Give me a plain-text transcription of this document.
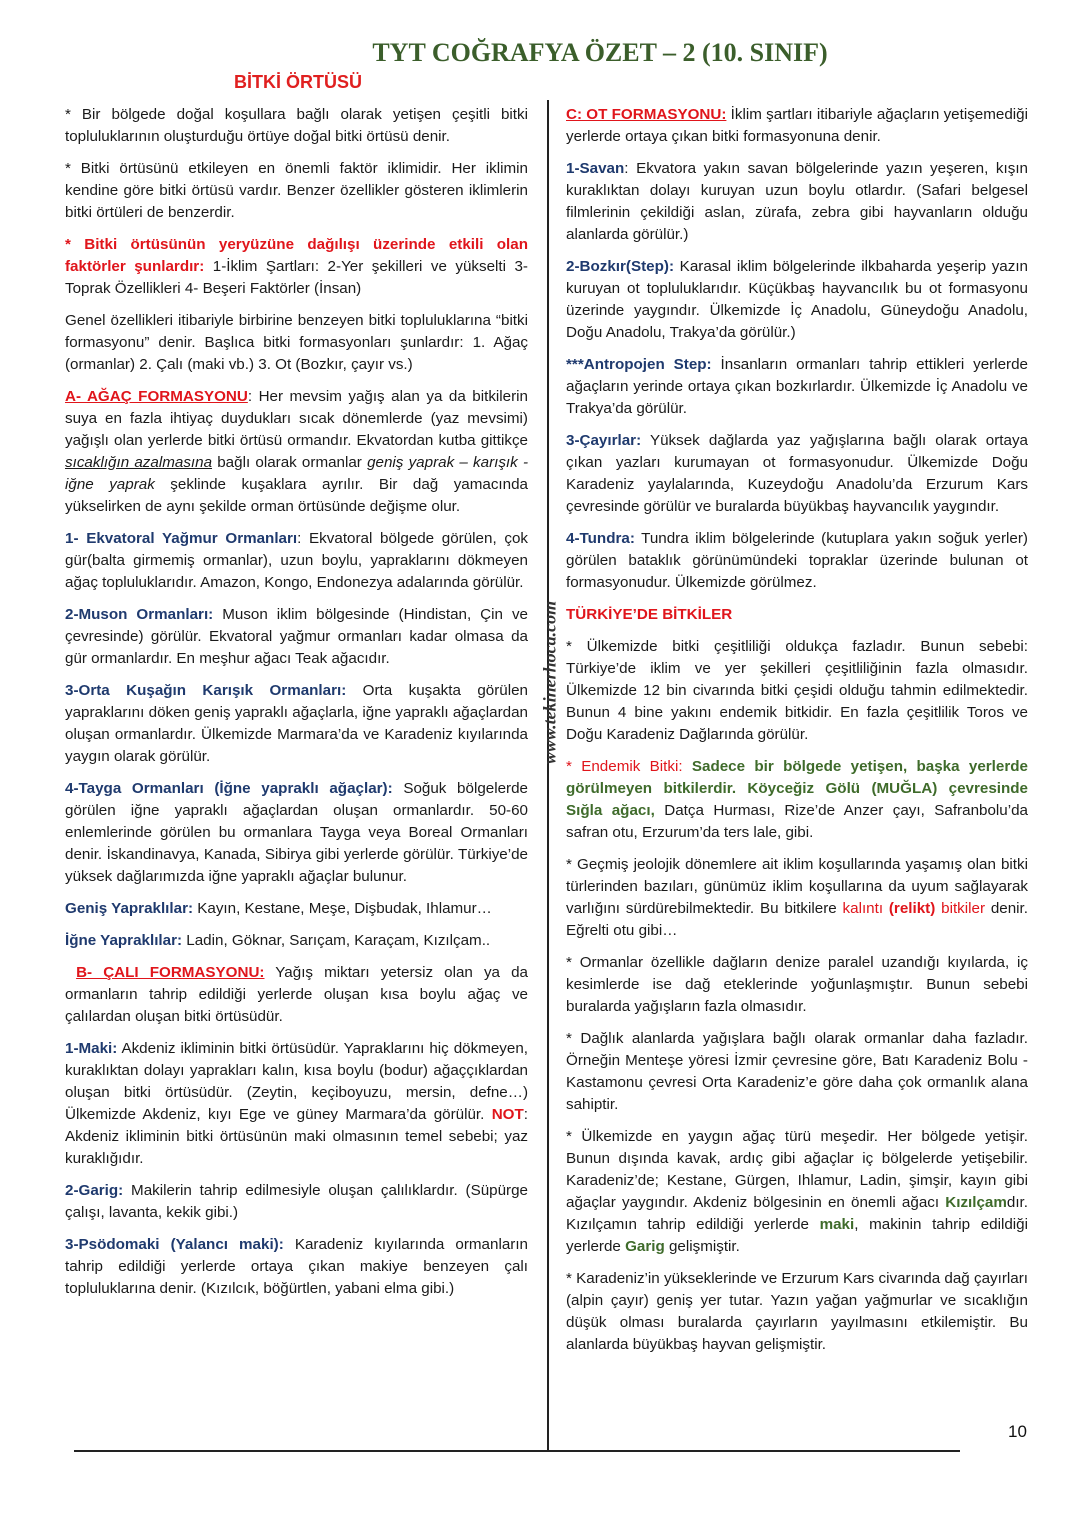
TYT COĞRAFYA ÖZET – 2 (10. SINIF)
BİTKİ ÖRTÜSÜ
www.tekinerhoca.com

* Bir bölgede doğal koşullara bağlı olarak yetişen çeşitli bitki topluluklarının oluşturduğu örtüye doğal bitki örtüsü denir.

* Bitki örtüsünü etkileyen en önemli faktör iklimidir. Her iklimin kendine göre bitki örtüsü vardır. Benzer özellikler gösteren iklimlerin bitki örtüleri de benzerdir.

* Bitki örtüsünün yeryüzüne dağılışı üzerinde etkili olan faktörler şunlardır: 1-İklim Şartları: 2-Yer şekilleri ve yükselti 3-Toprak Özellikleri 4- Beşeri Faktörler (İnsan)

Genel özellikleri itibariyle birbirine benzeyen bitki topluluklarına “bitki formasyonu” denir. Başlıca bitki formasyonları şunlardır: 1. Ağaç (ormanlar) 2. Çalı (maki vb.) 3. Ot (Bozkır, çayır vs.)

A- AĞAÇ FORMASYONU: Her mevsim yağış alan ya da bitkilerin suya en fazla ihtiyaç duydukları sıcak dönemlerde (yaz mevsimi) yağışlı olan yerlerde bitki örtüsü ormandır. Ekvatordan kutba gittikçe sıcaklığın azalmasına bağlı olarak ormanlar geniş yaprak – karışık - iğne yaprak şeklinde kuşaklara ayrılır. Bir dağ yamacında yükselirken de aynı şekilde orman örtüsünde değişme olur.

1- Ekvatoral Yağmur Ormanları: Ekvatoral bölgede görülen, çok gür(balta girmemiş ormanlar), uzun boylu, yapraklarını dökmeyen ağaç topluluklarıdır. Amazon, Kongo, Endonezya adalarında görülür.

2-Muson Ormanları: Muson iklim bölgesinde (Hindistan, Çin ve çevresinde) görülür. Ekvatoral yağmur ormanları kadar olmasa da gür ormanlardır. En meşhur ağacı Teak ağacıdır.

3-Orta Kuşağın Karışık Ormanları: Orta kuşakta görülen yapraklarını döken geniş yapraklı ağaçlarla, iğne yapraklı ağaçlardan oluşan ormanlardır. Ülkemizde Marmara’da ve Karadeniz kıyılarında yaygın olarak görülür.

4-Tayga Ormanları (İğne yapraklı ağaçlar): Soğuk bölgelerde görülen iğne yapraklı ağaçlardan oluşan ormanlardır. 50-60 enlemlerinde görülen bu ormanlara Tayga veya Boreal Ormanları denir. İskandinavya, Kanada, Sibirya gibi yerlerde görülür. Türkiye’de yüksek dağlarımızda iğne yapraklı ağaçlar bulunur.

Geniş Yapraklılar: Kayın, Kestane, Meşe, Dişbudak, Ihlamur…

İğne Yapraklılar: Ladin, Göknar, Sarıçam, Karaçam, Kızılçam..

B- ÇALI FORMASYONU: Yağış miktarı yetersiz olan ya da ormanların tahrip edildiği yerlerde oluşan kısa boylu ağaç ve çalılardan oluşan bitki örtüsüdür.

1-Maki: Akdeniz ikliminin bitki örtüsüdür. Yapraklarını hiç dökmeyen, kuraklıktan dolayı yaprakları kalın, kısa boylu (bodur) ağaççıklardan oluşan bitki örtüsüdür. (Zeytin, keçiboyuzu, mersin, defne…) Ülkemizde Akdeniz, kıyı Ege ve güney Marmara’da görülür. NOT: Akdeniz ikliminin bitki örtüsünün maki olmasının temel sebebi; yaz kuraklığıdır.

2-Garig: Makilerin tahrip edilmesiyle oluşan çalılıklardır. (Süpürge çalışı, lavanta, kekik gibi.)

3-Psödomaki (Yalancı maki): Karadeniz kıyılarında ormanların tahrip edildiği yerlerde ortaya çıkan makiye benzeyen çalı topluluklarına denir. (Kızılcık, böğürtlen, yabani elma gibi.)

C: OT FORMASYONU: İklim şartları itibariyle ağaçların yetişemediği yerlerde ortaya çıkan bitki formasyonuna denir.

1-Savan: Ekvatora yakın savan bölgelerinde yazın yeşeren, kışın kuraklıktan dolayı kuruyan uzun boylu otlardır. (Safari belgesel filmlerinin çekildiği aslan, zürafa, zebra gibi hayvanların olduğu alanlarda görülür.)

2-Bozkır(Step): Karasal iklim bölgelerinde ilkbaharda yeşerip yazın kuruyan ot topluluklarıdır. Küçükbaş hayvancılık bu ot formasyonu üzerinde yaygındır. Ülkemizde İç Anadolu, Güneydoğu Anadolu, Doğu Anadolu, Trakya’da görülür.)

***Antropojen Step: İnsanların ormanları tahrip ettikleri yerlerde ağaçların yerinde ortaya çıkan bozkırlardır. Ülkemizde İç Anadolu ve Trakya’da görülür.

3-Çayırlar: Yüksek dağlarda yaz yağışlarına bağlı olarak ortaya çıkan yazları kurumayan ot formasyonudur. Ülkemizde Doğu Karadeniz yaylalarında, Kuzeydoğu Anadolu’da Erzurum Kars çevresinde görülür ve buralarda büyükbaş hayvancılık yaygındır.

4-Tundra: Tundra iklim bölgelerinde (kutuplara yakın soğuk yerler) görülen bataklık görünümündeki topraklar üzerinde bulunan ot formasyonudur. Ülkemizde görülmez.

TÜRKİYE’DE BİTKİLER

* Ülkemizde bitki çeşitliliği oldukça fazladır. Bunun sebebi: Türkiye’de iklim ve yer şekilleri çeşitliliğinin fazla olmasıdır. Ülkemizde 12 bin civarında bitki çeşidi olduğu tahmin edilmektedir. Bunun 4 bine yakını endemik bitkidir. En fazla çeşitlilik Toros ve Doğu Karadeniz Dağlarında görülür.

* Endemik Bitki: Sadece bir bölgede yetişen, başka yerlerde görülmeyen bitkilerdir. Köyceğiz Gölü (MUĞLA) çevresinde Sığla ağacı, Datça Hurması, Rize’de Anzer çayı, Safranbolu’da safran otu, Erzurum’da ters lale, gibi.

* Geçmiş jeolojik dönemlere ait iklim koşullarında yaşamış olan bitki türlerinden bazıları, günümüz iklim koşullarına da uyum sağlayarak varlığını sürdürebilmektedir. Bu bitkilere kalıntı (relikt) bitkiler denir. Eğrelti otu gibi…

* Ormanlar özellikle dağların denize paralel uzandığı kıyılarda, iç kesimlerde ise dağ eteklerinde yoğunlaşmıştır. Bunun sebebi buralarda yağışların fazla olmasıdır.

* Dağlık alanlarda yağışlara bağlı olarak ormanlar daha fazladır. Örneğin Menteşe yöresi İzmir çevresine göre, Batı Karadeniz Bolu - Kastamonu çevresi Orta Karadeniz’e göre daha çok ormanlık alana sahiptir.

* Ülkemizde en yaygın ağaç türü meşedir. Her bölgede yetişir. Bunun dışında kavak, ardıç gibi ağaçlar iç bölgelerde yetişebilir. Karadeniz’de; Kestane, Gürgen, Ihlamur, Ladin, şimşir, kayın gibi ağaçlar yaygındır. Akdeniz bölgesinin en önemli ağacı Kızılçamdır. Kızılçamın tahrip edildiği yerlerde maki, makinin tahrip edildiği yerlerde Garig gelişmiştir.

* Karadeniz’in yükseklerinde ve Erzurum Kars civarında dağ çayırları (alpin çayır) geniş yer tutar. Yazın yağan yağmurlar ve sıcaklığın düşük olması buralarda çayırların yayılmasını etkilemiştir. Bu alanlarda büyükbaş hayvan gelişmiştir.

10
